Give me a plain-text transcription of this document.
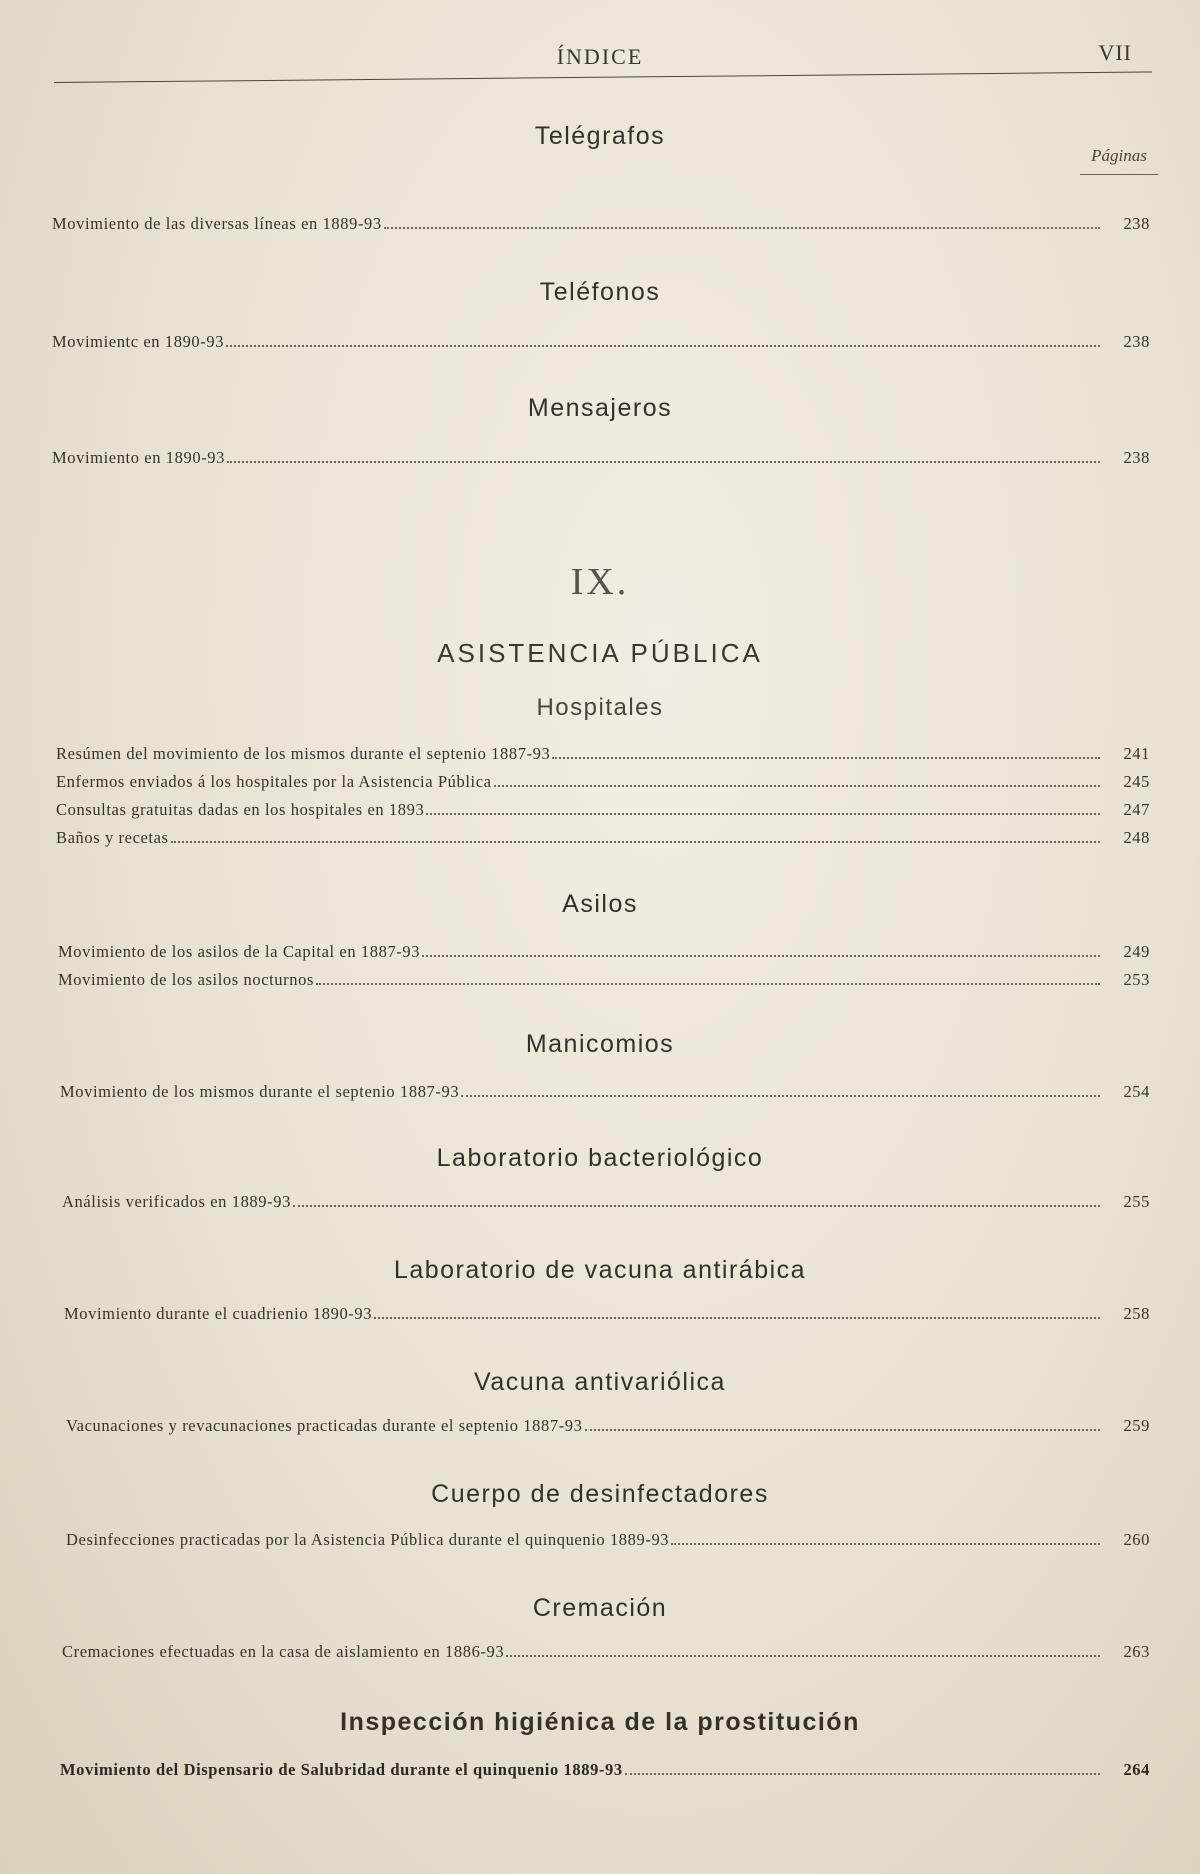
ÍNDICE	VII
Páginas
Telégrafos
Movimiento de las diversas líneas en 1889-93	238
Teléfonos
Movimientc en 1890-93	238
Mensajeros
Movimiento en 1890-93	238
IX.
ASISTENCIA PÚBLICA
Hospitales
Resúmen del movimiento de los mismos durante el septenio 1887-93	241
Enfermos enviados á los hospitales por la Asistencia Pública	245
Consultas gratuitas dadas en los hospitales en 1893	247
Baños y recetas	248
Asilos
Movimiento de los asilos de la Capital en 1887-93	249
Movimiento de los asilos nocturnos	253
Manicomios
Movimiento de los mismos durante el septenio 1887-93	254
Laboratorio bacteriológico
Análisis verificados en 1889-93	255
Laboratorio de vacuna antirábica
Movimiento durante el cuadrienio 1890-93	258
Vacuna antivariólica
Vacunaciones y revacunaciones practicadas durante el septenio 1887-93	259
Cuerpo de desinfectadores
Desinfecciones practicadas por la Asistencia Pública durante el quinquenio 1889-93	260
Cremación
Cremaciones efectuadas en la casa de aislamiento en 1886-93	263
Inspección higiénica de la prostitución
Movimiento del Dispensario de Salubridad durante el quinquenio 1889-93	264
